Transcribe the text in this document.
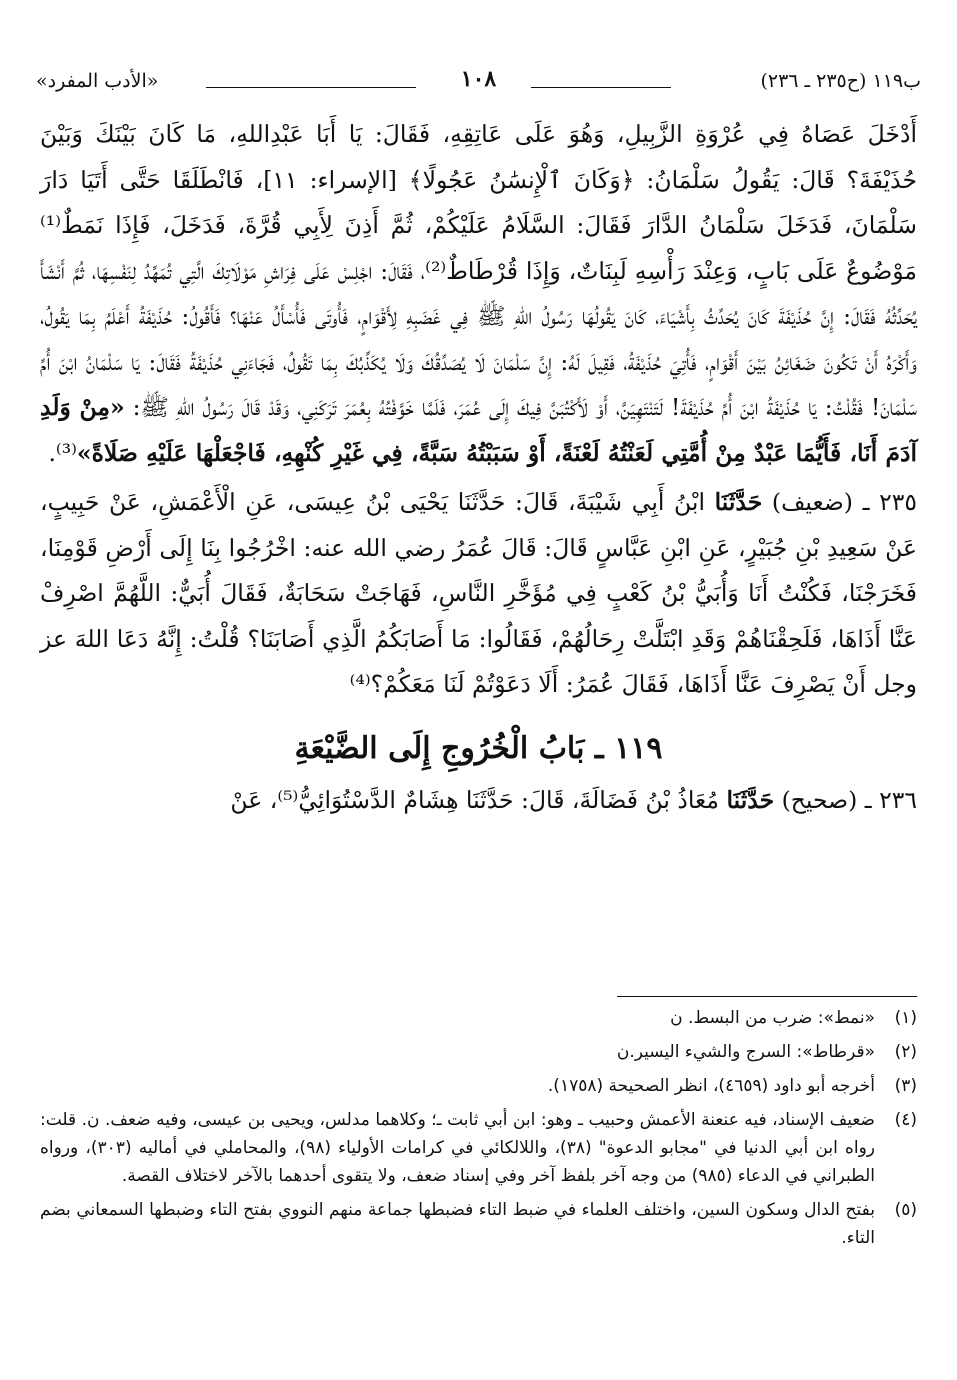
ب١١٩ (ح٢٣٥ ـ ٢٣٦)
١٠٨
«الأدب المفرد»

أَدْخَلَ عَصَاهُ فِي عُرْوَةِ الزَّبِيلِ، وَهُوَ عَلَى عَاتِقِهِ، فَقَالَ: يَا أَبَا عَبْدِاللهِ، مَا كَانَ بَيْنَكَ وَبَيْنَ حُذَيْفَةَ؟ قَالَ: يَقُولُ سَلْمَانُ: ﴿وَكَانَ ٱلْإِنسَٰنُ عَجُولًا﴾ [الإسراء: ١١]، فَانْطَلَقَا حَتَّى أَتَيَا دَارَ سَلْمَانَ، فَدَخَلَ سَلْمَانُ الدَّارَ فَقَالَ: السَّلَامُ عَلَيْكُمْ، ثُمَّ أَذِنَ لِأَبِي قُرَّةَ، فَدَخَلَ، فَإِذَا نَمَطٌ⁽¹⁾ مَوْضُوعٌ عَلَى بَابٍ، وَعِنْدَ رَأْسِهِ لَبِنَاتٌ، وَإِذَا قُرْطَاطٌ⁽²⁾، فَقَالَ: اجْلِسْ عَلَى فِرَاشِ مَوْلَاتِكَ الَّتِي تُمَهِّدُ لِنَفْسِهَا، ثُمَّ أَنْشَأَ يُحَدِّثُهُ فَقَالَ: إِنَّ حُذَيْفَةَ كَانَ يُحَدِّثُ بِأَشْيَاءَ، كَانَ يَقُولُهَا رَسُولُ اللهِ ﷺ فِي غَضَبِهِ لِأَقْوَامٍ، فَأُوتَى فَأُسْأَلُ عَنْهَا؟ فَأَقُولُ: حُذَيْفَةُ أَعْلَمُ بِمَا يَقُولُ، وَأَكْرَهُ أَنْ تَكُونَ ضَغَائِنُ بَيْنَ أَقْوَامٍ، فَأُتِيَ حُذَيْفَةُ، فَقِيلَ لَهُ: إِنَّ سَلْمَانَ لَا يُصَدِّقُكَ وَلَا يُكَذِّبُكَ بِمَا تَقُولُ، فَجَاءَنِي حُذَيْفَةُ فَقَالَ: يَا سَلْمَانُ ابْنَ أُمِّ سَلْمَانَ! فَقُلْتُ: يَا حُذَيْفَةُ ابْنَ أُمِّ حُذَيْفَةَ! لَتَنْتَهِيَنَّ، أَوْ لَأَكْتُبَنَّ فِيكَ إِلَى عُمَرَ، فَلَمَّا خَوَّفْتُهُ بِعُمَرَ تَرَكَنِي، وَقَدْ قَالَ رَسُولُ اللهِ ﷺ: «مِنْ وَلَدِ آدَمَ أَنَا، فَأَيُّمَا عَبْدٌ مِنْ أُمَّتِي لَعَنْتُهُ لَعْنَةً، أَوْ سَبَبْتُهُ سَبَّةً، فِي غَيْرِ كُنْهِهِ، فَاجْعَلْهَا عَلَيْهِ صَلَاةً»⁽³⁾.

٢٣٥ ـ (ضعيف) حَدَّثَنَا ابْنُ أَبِي شَيْبَةَ، قَالَ: حَدَّثَنَا يَحْيَى بْنُ عِيسَى، عَنِ الْأَعْمَشِ، عَنْ حَبِيبٍ، عَنْ سَعِيدِ بْنِ جُبَيْرٍ، عَنِ ابْنِ عَبَّاسٍ قَالَ: قَالَ عُمَرُ رضي الله عنه: اخْرُجُوا بِنَا إِلَى أَرْضِ قَوْمِنَا، فَخَرَجْنَا، فَكُنْتُ أَنَا وَأُبَيُّ بْنُ كَعْبٍ فِي مُؤَخَّرِ النَّاسِ، فَهَاجَتْ سَحَابَةٌ، فَقَالَ أُبَيٌّ: اللَّهُمَّ اصْرِفْ عَنَّا أَذَاهَا، فَلَحِقْنَاهُمْ وَقَدِ ابْتَلَّتْ رِحَالُهُمْ، فَقَالُوا: مَا أَصَابَكُمُ الَّذِي أَصَابَنَا؟ قُلْتُ: إِنَّهُ دَعَا اللهَ عز وجل أَنْ يَصْرِفَ عَنَّا أَذَاهَا، فَقَالَ عُمَرُ: أَلَا دَعَوْتُمْ لَنَا مَعَكُمْ؟⁽⁴⁾

١١٩ ـ بَابُ الْخُرُوجِ إِلَى الضَّيْعَةِ

٢٣٦ ـ (صحيح) حَدَّثَنَا مُعَاذُ بْنُ فَضَالَةَ، قَالَ: حَدَّثَنَا هِشَامٌ الدَّسْتُوَائِيُّ⁽⁵⁾، عَنْ

(١)
«نمط»: ضرب من البسط. ن
(٢)
«قرطاط»: السرج والشيء اليسير.ن
(٣)
أخرجه أبو داود (٤٦٥٩)، انظر الصحيحة (١٧٥٨).
(٤)
ضعيف الإسناد، فيه عنعنة الأعمش وحبيب ـ وهو: ابن أبي ثابت ـ؛ وكلاهما مدلس، ويحيى بن عيسى، وفيه ضعف. ن. قلت: رواه ابن أبي الدنيا في "مجابو الدعوة" (٣٨)، واللالكائي في كرامات الأولياء (٩٨)، والمحاملي في أماليه (٣٠٣)، ورواه الطبراني في الدعاء (٩٨٥) من وجه آخر بلفظ آخر وفي إسناد ضعف، ولا يتقوى أحدهما بالآخر لاختلاف القصة.
(٥)
بفتح الدال وسكون السين، واختلف العلماء في ضبط التاء فضبطها جماعة منهم النووي بفتح التاء وضبطها السمعاني بضم التاء.
